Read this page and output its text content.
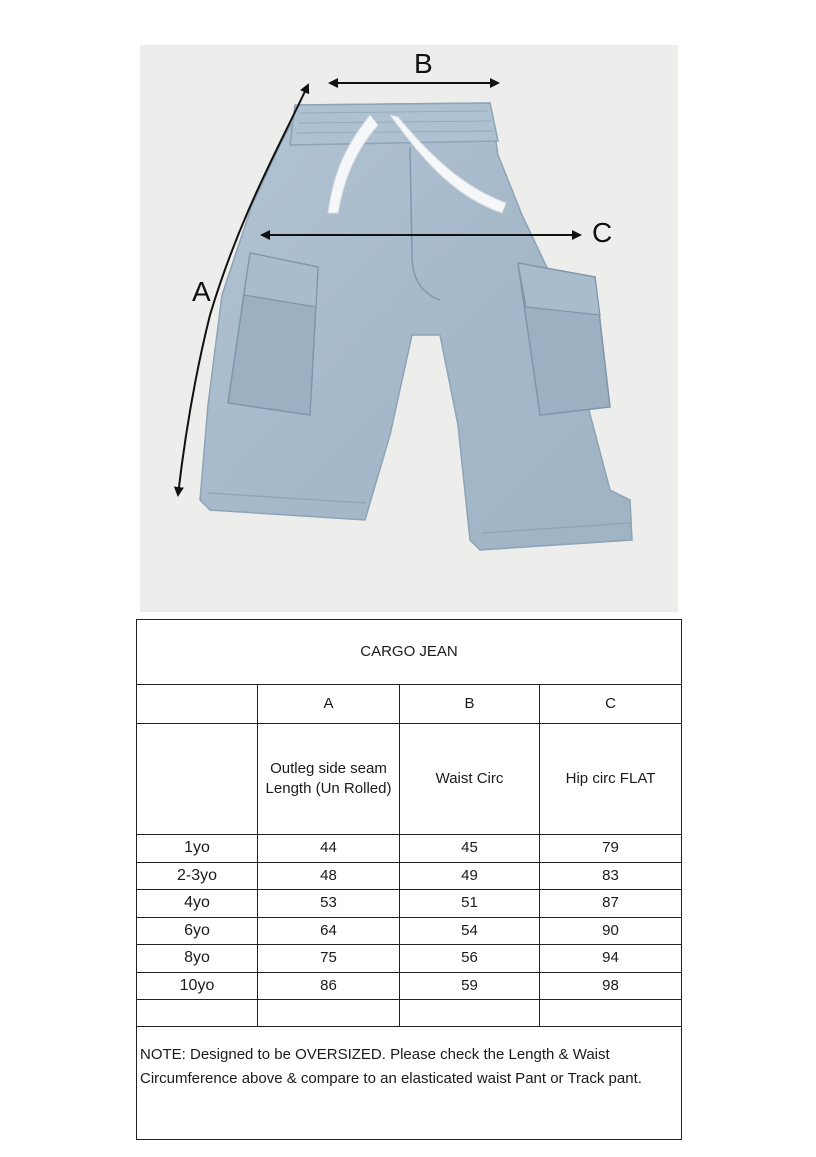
A
B
C
CARGO JEAN			
	A	B	C
	Outleg side seam Length (Un Rolled)	Waist Circ	Hip circ FLAT
1yo	44	45	79
2-3yo	48	49	83
4yo	53	51	87
6yo	64	54	90
8yo	75	56	94
10yo	86	59	98

NOTE: Designed to be OVERSIZED. Please check the Length & Waist Circumference above & compare to an elasticated waist Pant or Track pant.			
